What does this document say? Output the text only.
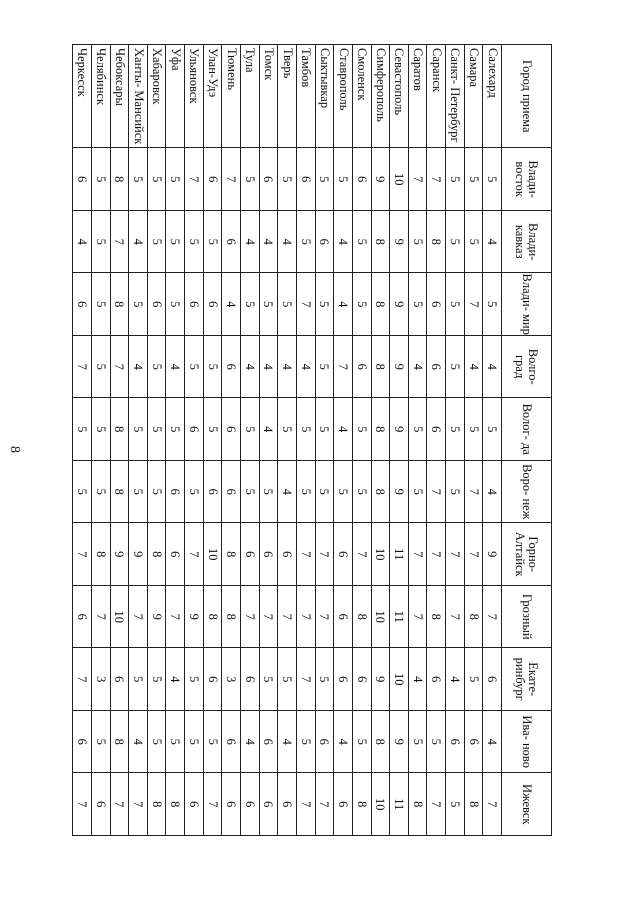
8
Город приема	Влади- восток	Влади- кавказ	Влади- мир	Волго- град	Волог- да	Воро- неж	Горно- Алтайск	Грозный	Екате- ринбург	Ива- ново	Ижевск
Салехард	5	4	5	4	5	4	9	7	6	4	7
Самара	5	5	7	4	5	7	7	8	5	6	8
Санкт- Петербург	5	5	5	5	5	5	7	7	4	6	5
Саранск	7	8	6	6	6	7	7	8	6	5	7
Саратов	7	5	5	4	5	5	7	7	4	5	8
Севастополь	10	9	9	9	9	9	11	11	10	9	11
Симферополь	9	8	8	8	8	8	10	10	9	8	10
Смоленск	6	5	5	6	5	5	7	8	6	5	8
Ставрополь	5	4	4	7	4	5	6	6	6	4	6
Сыктывкар	5	6	5	5	5	5	7	7	5	6	7
Тамбов	6	5	7	4	5	5	7	7	7	5	7
Тверь	5	4	5	4	5	4	6	7	5	4	6
Томск	6	4	5	4	4	5	6	7	5	6	6
Тула	5	4	5	4	5	5	6	7	6	4	6
Тюмень	7	6	4	6	6	6	8	8	3	6	6
Улан-Удэ	6	5	6	5	5	6	10	8	6	5	7
Ульяновск	7	5	6	5	6	5	7	9	5	5	6
Уфа	5	5	5	4	5	6	6	7	4	5	8
Хабаровск	5	5	6	5	5	5	8	9	5	5	8
Ханты- Мансийск	5	4	5	4	5	5	9	7	5	4	7
Чебоксары	8	7	8	7	8	8	9	10	6	8	7
Челябинск	5	5	5	5	5	5	8	7	3	5	6
Черкесск	6	4	6	7	5	5	7	6	7	6	7
